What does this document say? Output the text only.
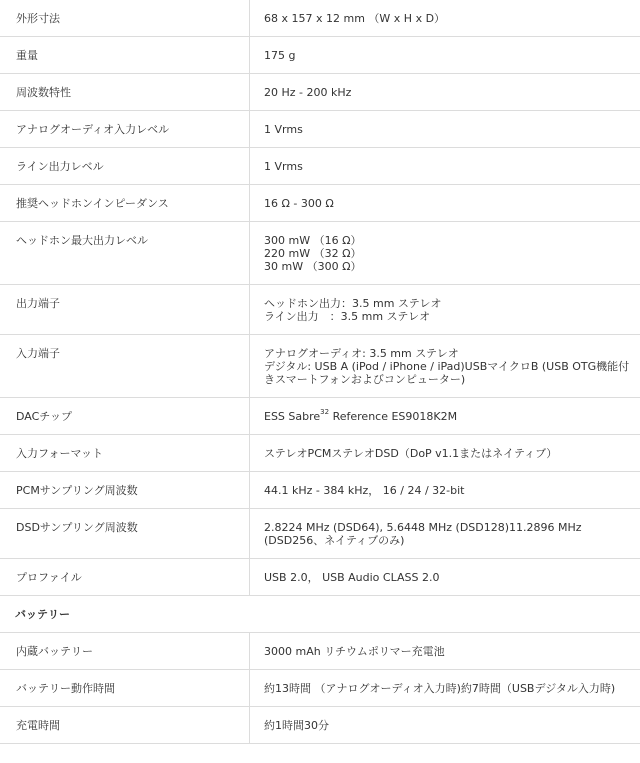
外形寸法	68 x 157 x 12 mm （W x H x D）

重量	175 g

周波数特性	20 Hz - 200 kHz

アナログオーディオ入力レベル	1 Vrms

ライン出力レベル	1 Vrms

推奨ヘッドホンインピーダンス	16 Ω - 300 Ω

ヘッドホン最大出力レベル	300 mW （16 Ω）
220 mW （32 Ω）
30 mW （300 Ω）

出力端子	ヘッドホン出力：3.5 mm ステレオ
ライン出力　：3.5 mm ステレオ

入力端子	アナログオーディオ: 3.5 mm ステレオ
デジタル: USB A (iPod / iPhone / iPad)USBマイクロB (USB OTG機能付きスマートフォンおよびコンピューター)

DACチップ	ESS Sabre$^{32}$ Reference ES9018K2M
入力フォーマット	ステレオPCMステレオDSD（DoP v1.1またはネイティブ）

PCMサンプリング周波数	44.1 kHz - 384 kHz， 16 / 24 / 32-bit

DSDサンプリング周波数	2.8224 MHz (DSD64), 5.6448 MHz (DSD128)11.2896 MHz (DSD256、ネイティブのみ)

プロファイル	USB 2.0， USB Audio CLASS 2.0

バッテリー	
内蔵バッテリー	3000 mAh リチウムポリマー充電池

バッテリー動作時間	約13時間 （アナログオーディオ入力時)約7時間（USBデジタル入力時)

充電時間	約1時間30分
